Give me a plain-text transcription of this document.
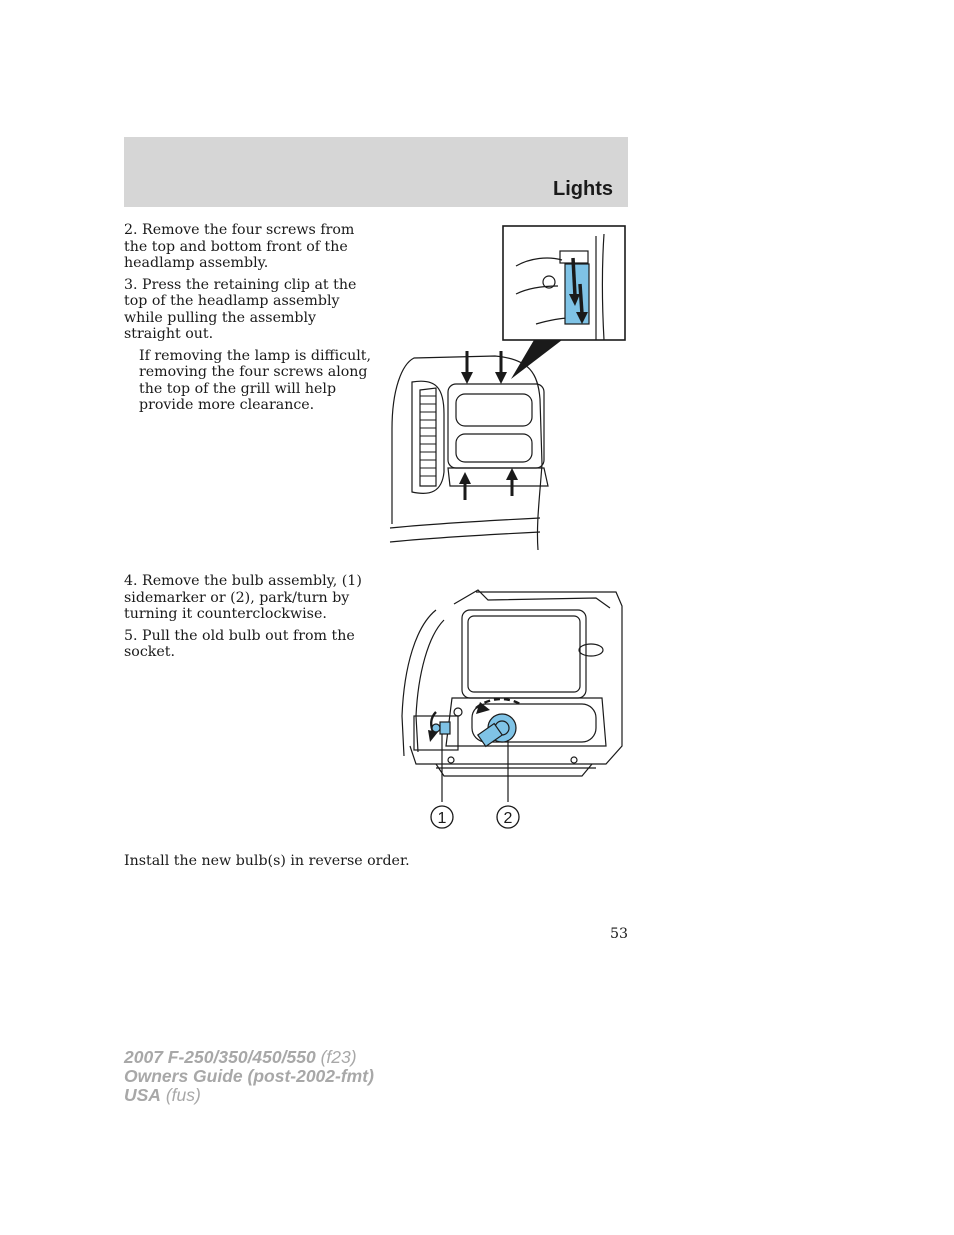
Lights

2. Remove the four screws from the top and bottom front of the headlamp assembly.

3. Press the retaining clip at the top of the headlamp assembly while pulling the assembly straight out.

If removing the lamp is difficult, removing the four screws along the top of the grill will help provide more clearance.

4. Remove the bulb assembly, (1) sidemarker or (2), park/turn by turning it counterclockwise.

5. Pull the old bulb out from the socket.

1	2

Install the new bulb(s) in reverse order.

53

2007 F-250/350/450/550 (f23)
Owners Guide (post-2002-fmt)
USA (fus)
